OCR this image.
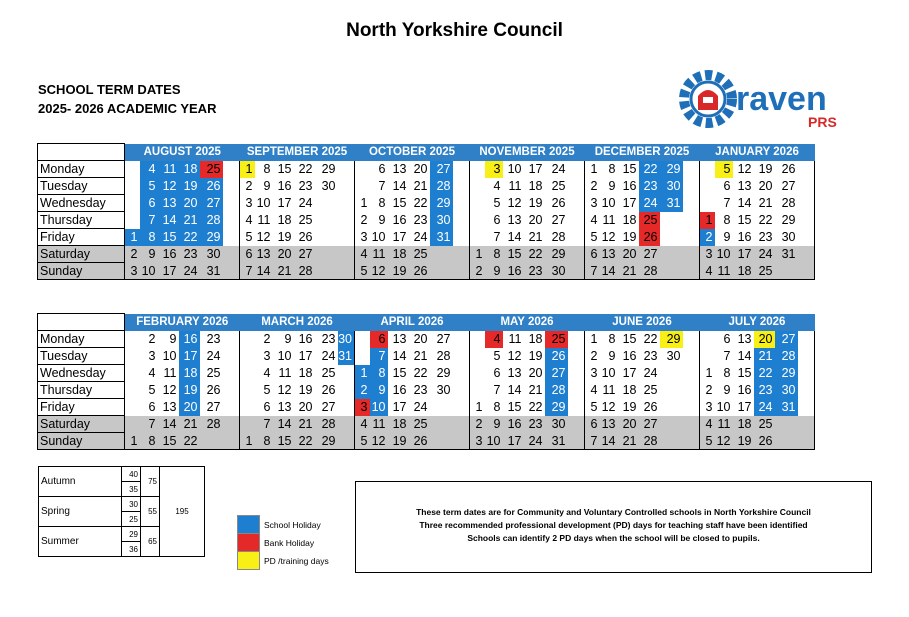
North Yorkshire Council
SCHOOL TERM DATES
2025- 2026 ACADEMIC YEAR	raven
PRS
	AUGUST 2025						SEPTEMBER 2025						OCTOBER 2025						NOVEMBER 2025						DECEMBER 2025						JANUARY 2026					
Monday		4	11	18	25		1	8	15	22	29			6	13	20	27			3	10	17	24		1	8	15	22	29			5	12	19	26	
Tuesday		5	12	19	26		2	9	16	23	30			7	14	21	28			4	11	18	25		2	9	16	23	30			6	13	20	27	
Wednesday		6	13	20	27		3	10	17	24			1	8	15	22	29			5	12	19	26		3	10	17	24	31			7	14	21	28	
Thursday		7	14	21	28		4	11	18	25			2	9	16	23	30			6	13	20	27		4	11	18	25			1	8	15	22	29	
Friday	1	8	15	22	29		5	12	19	26			3	10	17	24	31			7	14	21	28		5	12	19	26			2	9	16	23	30	
Saturday	2	9	16	23	30		6	13	20	27			4	11	18	25			1	8	15	22	29		6	13	20	27			3	10	17	24	31	
Sunday	3	10	17	24	31		7	14	21	28			5	12	19	26			2	9	16	23	30		7	14	21	28			4	11	18	25		
	FEBRUARY 2026						MARCH 2026						APRIL 2026						MAY 2026						JUNE 2026						JULY 2026					
Monday		2	9	16	23			2	9	16	23	30		6	13	20	27			4	11	18	25		1	8	15	22	29			6	13	20	27	
Tuesday		3	10	17	24			3	10	17	24	31		7	14	21	28			5	12	19	26		2	9	16	23	30			7	14	21	28	
Wednesday		4	11	18	25			4	11	18	25		1	8	15	22	29			6	13	20	27		3	10	17	24			1	8	15	22	29	
Thursday		5	12	19	26			5	12	19	26		2	9	16	23	30			7	14	21	28		4	11	18	25			2	9	16	23	30	
Friday		6	13	20	27			6	13	20	27		3	10	17	24			1	8	15	22	29		5	12	19	26			3	10	17	24	31	
Saturday		7	14	21	28			7	14	21	28		4	11	18	25			2	9	16	23	30		6	13	20	27			4	11	18	25		
Sunday	1	8	15	22			1	8	15	22	29		5	12	19	26			3	10	17	24	31		7	14	21	28			5	12	19	26		
Autumn	40	75	195
	35		
Spring	30	55	
	25		
Summer	29	65	
	36		
School Holiday
Bank Holiday
PD /training days
These term dates are for Community and Voluntary Controlled schools in North Yorkshire Council
Three recommended professional development (PD) days for teaching staff have been identified
Schools can identify 2 PD days when the school will be closed to pupils.
